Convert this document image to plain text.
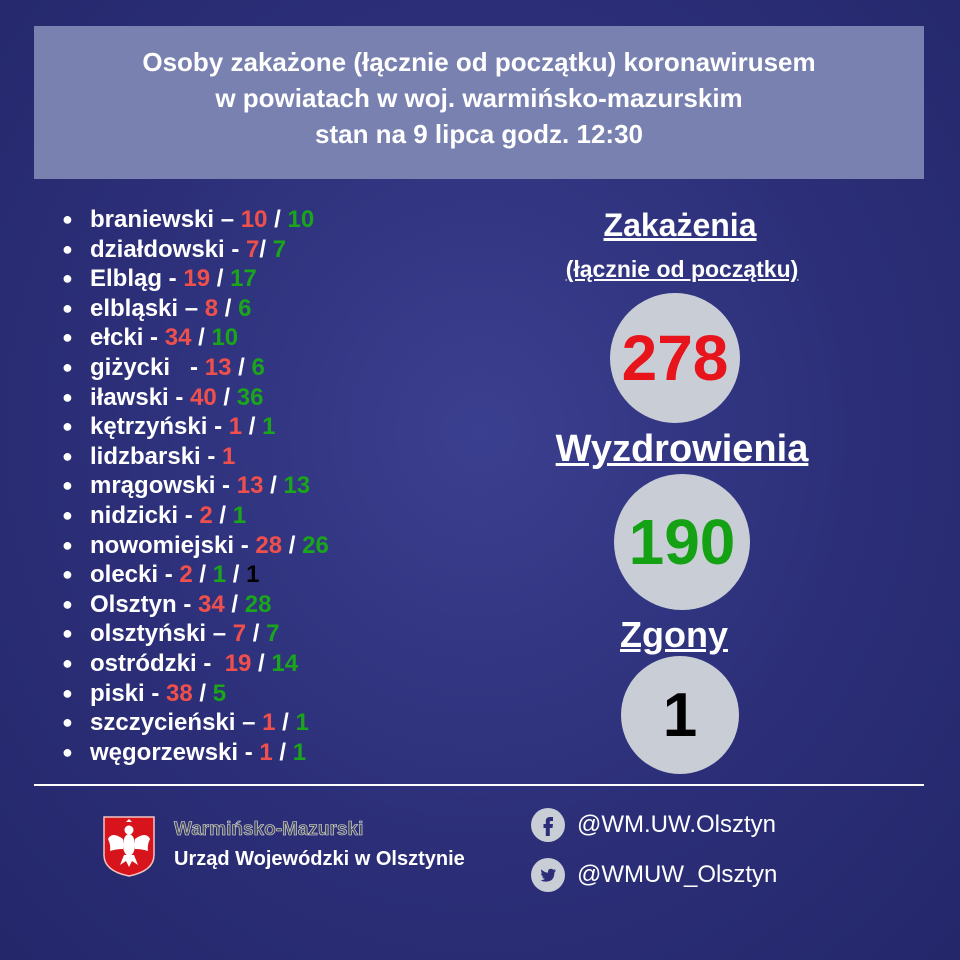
Osoby zakażone (łącznie od początku) koronawirusem
w powiatach w woj. warmińsko-mazurskim
stan na 9 lipca godz. 12:30
● braniewski – 10 / 10
● działdowski - 7/ 7
● Elbląg - 19 / 17
● elbląski – 8 / 6
● ełcki - 34 / 10
● giżycki   - 13 / 6
● iławski - 40 / 36
● kętrzyński - 1 / 1
● lidzbarski - 1
● mrągowski - 13 / 13
● nidzicki - 2 / 1
● nowomiejski - 28 / 26
● olecki - 2 / 1 / 1
● Olsztyn - 34 / 28
● olsztyński – 7 / 7
● ostródzki -  19 / 14
● piski - 38 / 5
● szczycieński – 1 / 1
● węgorzewski - 1 / 1
Zakażenia
(łącznie od początku)
278
Wyzdrowienia
190
Zgony
1
Warmińsko-Mazurski
Urząd Wojewódzki w Olsztynie
@WM.UW.Olsztyn
@WMUW_Olsztyn
